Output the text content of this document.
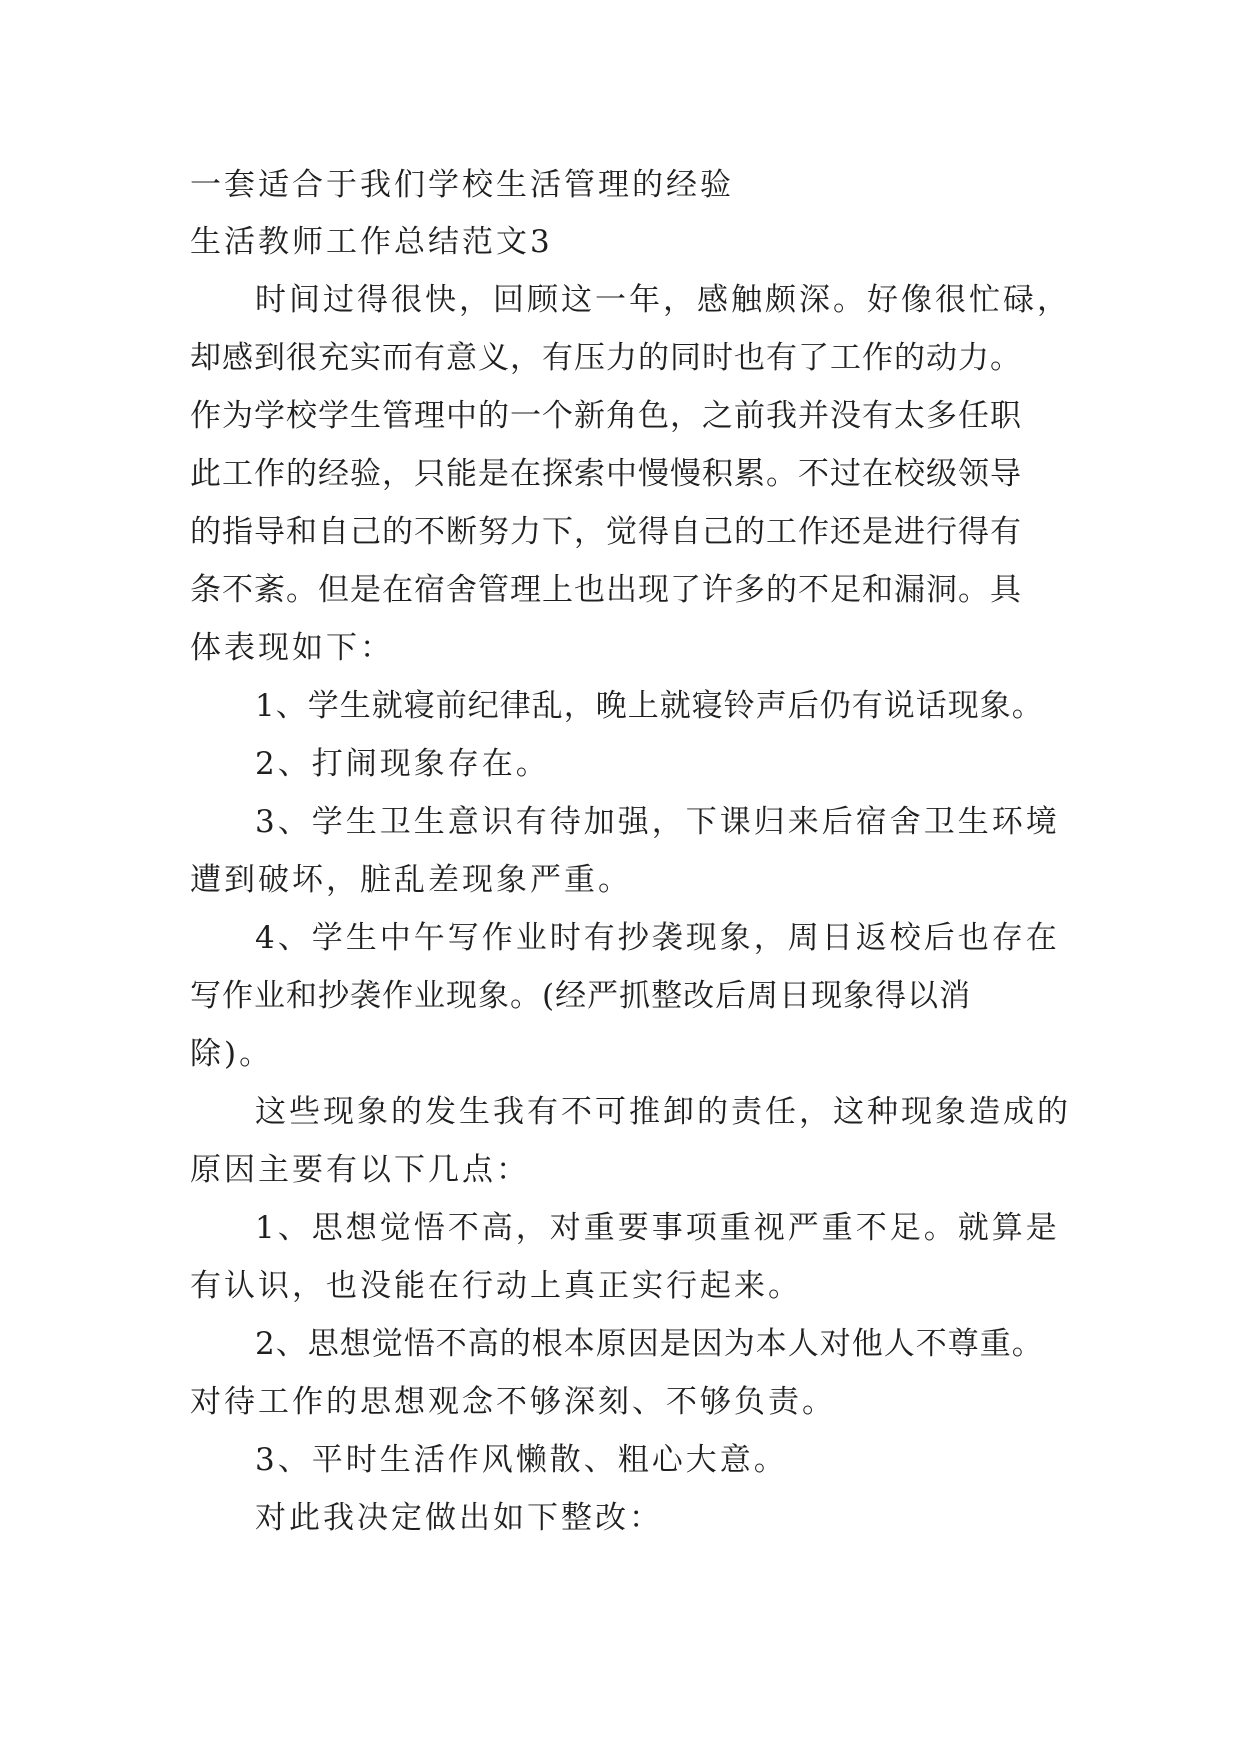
一套适合于我们学校生活管理的经验
生活教师工作总结范文3
时间过得很快，回顾这一年，感触颇深。好像很忙碌，
却感到很充实而有意义，有压力的同时也有了工作的动力。
作为学校学生管理中的一个新角色，之前我并没有太多任职
此工作的经验，只能是在探索中慢慢积累。不过在校级领导
的指导和自己的不断努力下，觉得自己的工作还是进行得有
条不紊。但是在宿舍管理上也出现了许多的不足和漏洞。具
体表现如下：
1、学生就寝前纪律乱，晚上就寝铃声后仍有说话现象。
2、打闹现象存在。
3、学生卫生意识有待加强，下课归来后宿舍卫生环境
遭到破坏，脏乱差现象严重。
4、学生中午写作业时有抄袭现象，周日返校后也存在
写作业和抄袭作业现象。(经严抓整改后周日现象得以消
除)。
这些现象的发生我有不可推卸的责任，这种现象造成的
原因主要有以下几点：
1、思想觉悟不高，对重要事项重视严重不足。就算是
有认识，也没能在行动上真正实行起来。
2、思想觉悟不高的根本原因是因为本人对他人不尊重。
对待工作的思想观念不够深刻、不够负责。
3、平时生活作风懒散、粗心大意。
对此我决定做出如下整改：
